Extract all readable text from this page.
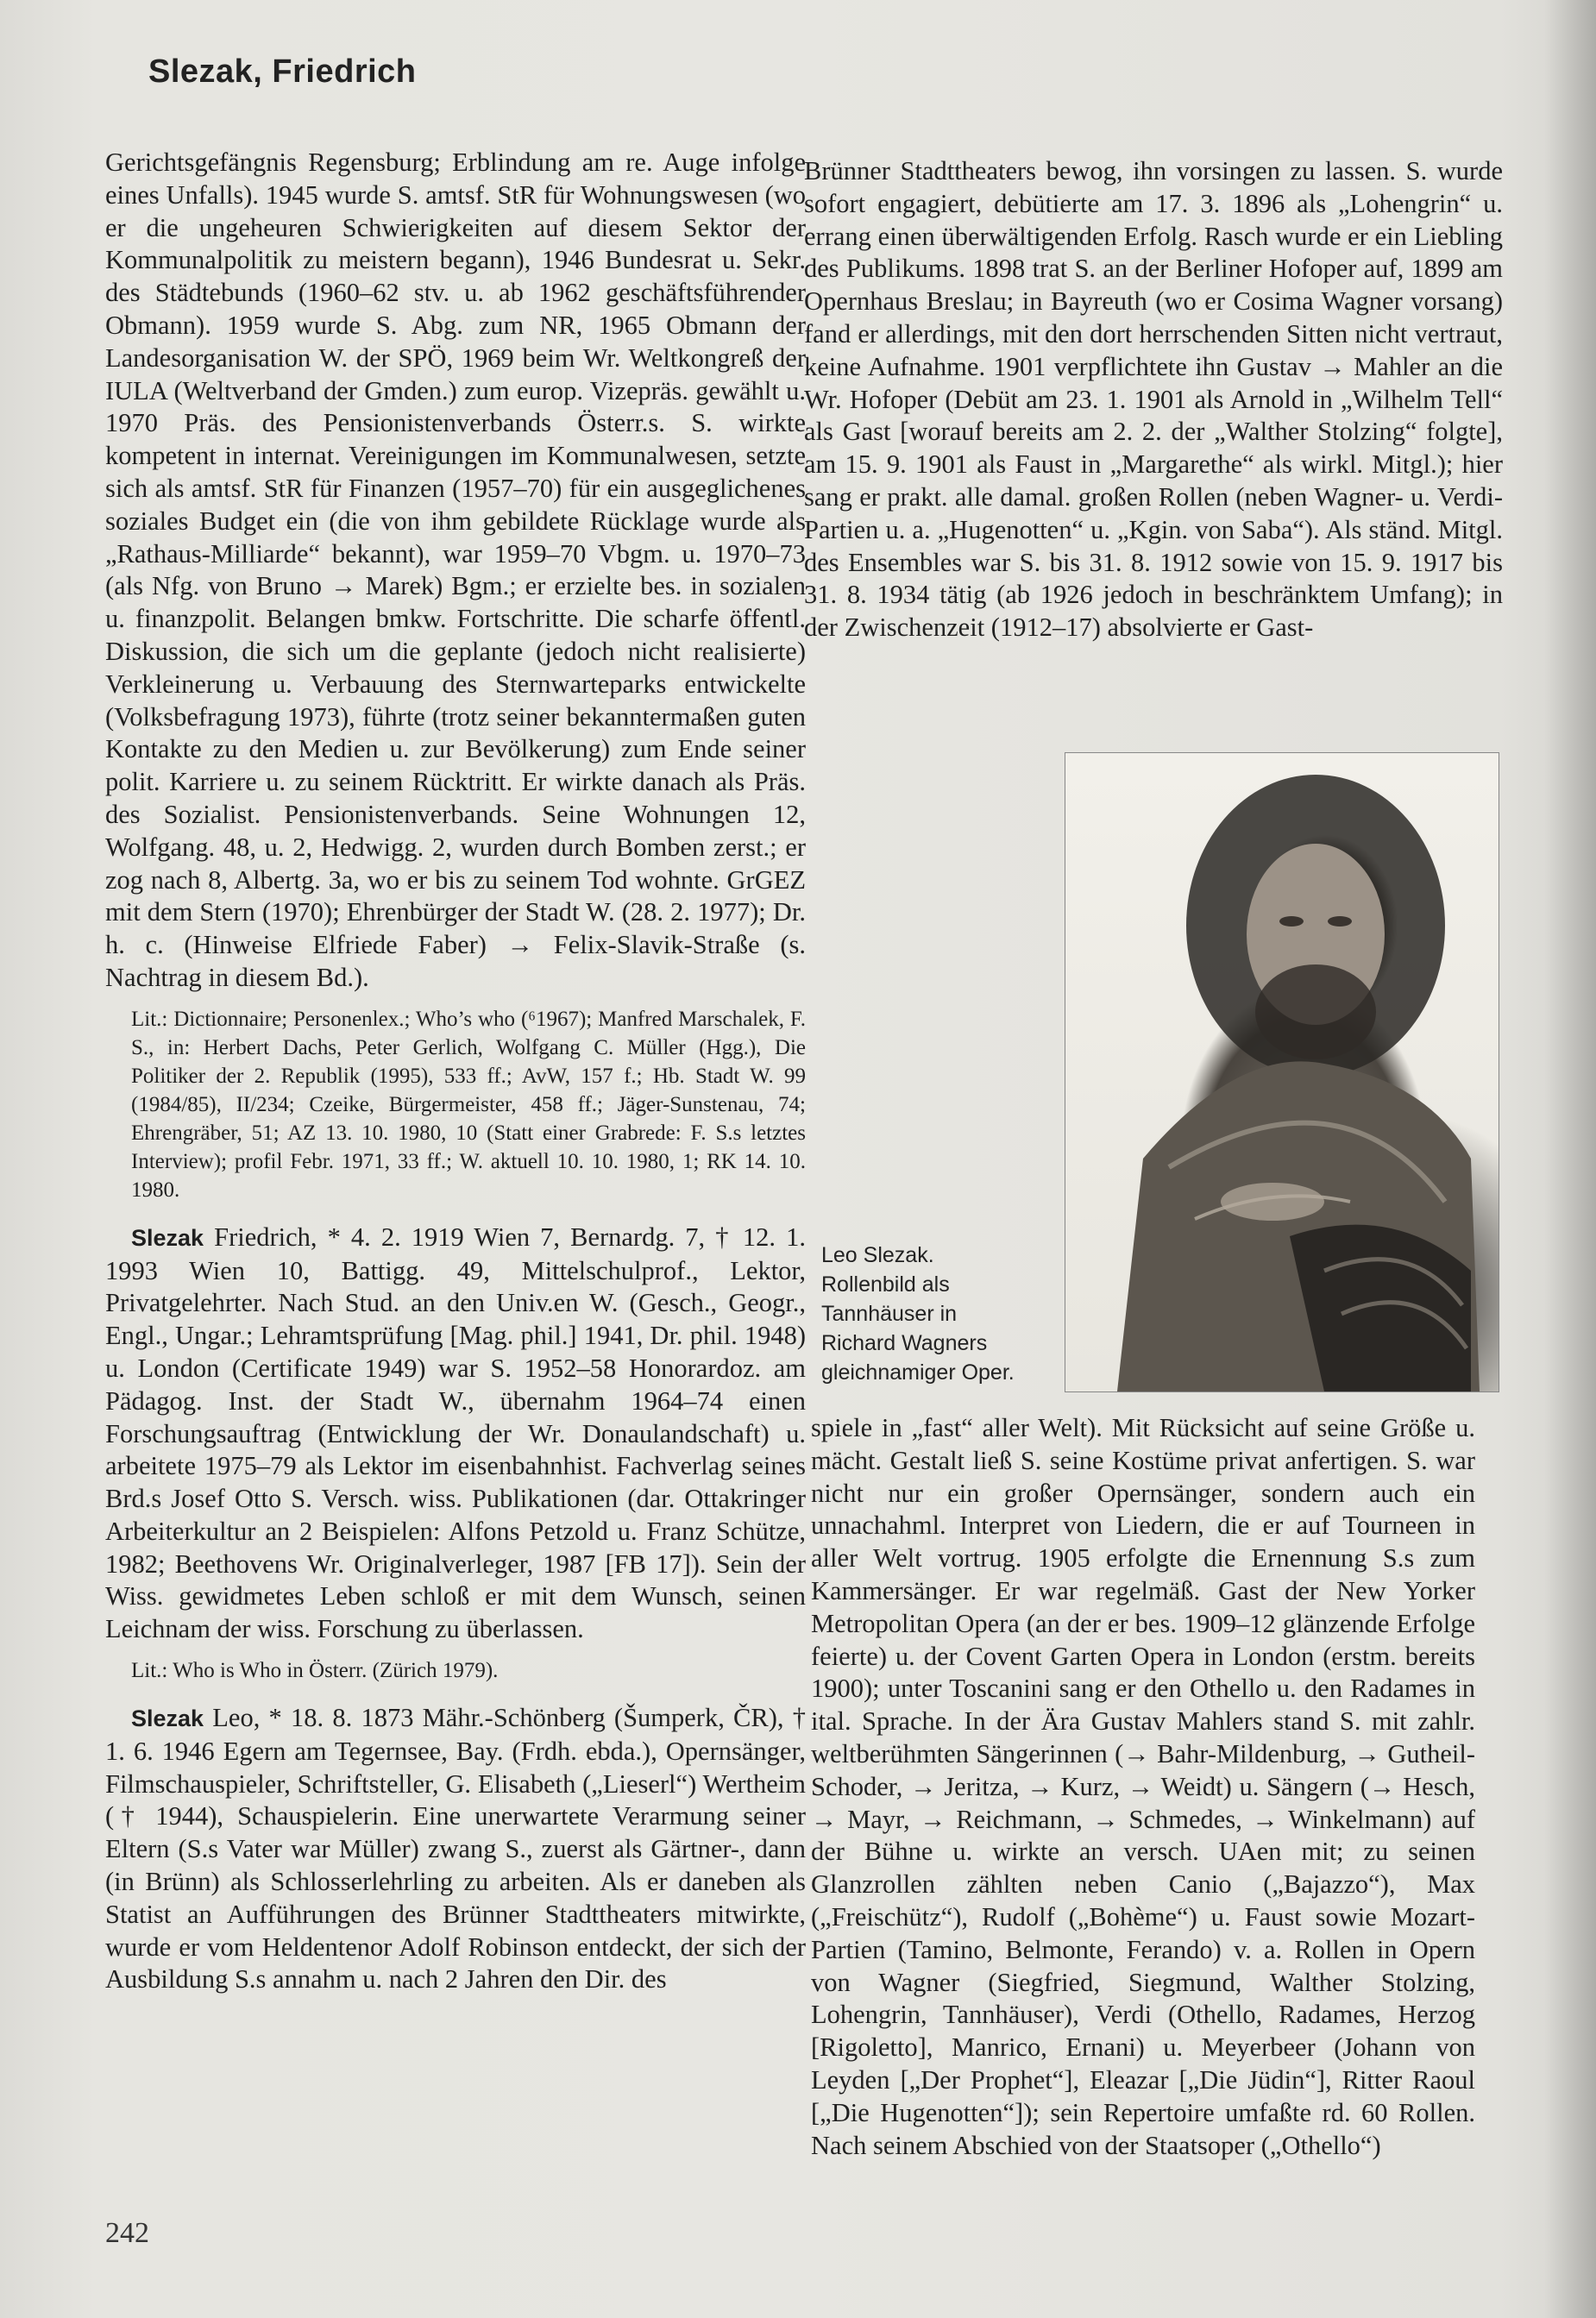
Slezak, Friedrich

Gerichtsgefängnis Regensburg; Erblindung am re. Auge infolge eines Unfalls). 1945 wurde S. amtsf. StR für Wohnungswesen (wo er die ungeheuren Schwierigkeiten auf diesem Sektor der Kommunalpolitik zu meistern begann), 1946 Bundesrat u. Sekr. des Städtebunds (1960–62 stv. u. ab 1962 geschäftsführender Obmann). 1959 wurde S. Abg. zum NR, 1965 Obmann der Landesorganisation W. der SPÖ, 1969 beim Wr. Weltkongreß der IULA (Weltverband der Gmden.) zum europ. Vizepräs. gewählt u. 1970 Präs. des Pensionistenverbands Österr.s. S. wirkte kompetent in internat. Vereinigungen im Kommunalwesen, setzte sich als amtsf. StR für Finanzen (1957–70) für ein ausgeglichenes soziales Budget ein (die von ihm gebildete Rücklage wurde als „Rathaus-Milliarde“ bekannt), war 1959–70 Vbgm. u. 1970–73 (als Nfg. von Bruno → Marek) Bgm.; er erzielte bes. in sozialen u. finanzpolit. Belangen bmkw. Fortschritte. Die scharfe öffentl. Diskussion, die sich um die geplante (jedoch nicht realisierte) Verkleinerung u. Verbauung des Sternwarteparks entwickelte (Volksbefragung 1973), führte (trotz seiner bekanntermaßen guten Kontakte zu den Medien u. zur Bevölkerung) zum Ende seiner polit. Karriere u. zu seinem Rücktritt. Er wirkte danach als Präs. des Sozialist. Pensionistenverbands. Seine Wohnungen 12, Wolfgang. 48, u. 2, Hedwigg. 2, wurden durch Bomben zerst.; er zog nach 8, Albertg. 3a, wo er bis zu seinem Tod wohnte. GrGEZ mit dem Stern (1970); Ehrenbürger der Stadt W. (28. 2. 1977); Dr. h. c. (Hinweise Elfriede Faber) → Felix-Slavik-Straße (s. Nachtrag in diesem Bd.).

Lit.: Dictionnaire; Personenlex.; Who’s who (⁶1967); Manfred Marschalek, F. S., in: Herbert Dachs, Peter Gerlich, Wolfgang C. Müller (Hgg.), Die Politiker der 2. Republik (1995), 533 ff.; AvW, 157 f.; Hb. Stadt W. 99 (1984/85), II/234; Czeike, Bürgermeister, 458 ff.; Jäger-Sunstenau, 74; Ehrengräber, 51; AZ 13. 10. 1980, 10 (Statt einer Grabrede: F. S.s letztes Interview); profil Febr. 1971, 33 ff.; W. aktuell 10. 10. 1980, 1; RK 14. 10. 1980.

Slezak Friedrich, * 4. 2. 1919 Wien 7, Bernardg. 7, † 12. 1. 1993 Wien 10, Battigg. 49, Mittelschulprof., Lektor, Privatgelehrter. Nach Stud. an den Univ.en W. (Gesch., Geogr., Engl., Ungar.; Lehramtsprüfung [Mag. phil.] 1941, Dr. phil. 1948) u. London (Certificate 1949) war S. 1952–58 Honorardoz. am Pädagog. Inst. der Stadt W., übernahm 1964–74 einen Forschungsauftrag (Entwicklung der Wr. Donaulandschaft) u. arbeitete 1975–79 als Lektor im eisenbahnhist. Fachverlag seines Brd.s Josef Otto S. Versch. wiss. Publikationen (dar. Ottakringer Arbeiterkultur an 2 Beispielen: Alfons Petzold u. Franz Schütze, 1982; Beethovens Wr. Originalverleger, 1987 [FB 17]). Sein der Wiss. gewidmetes Leben schloß er mit dem Wunsch, seinen Leichnam der wiss. Forschung zu überlassen.

Lit.: Who is Who in Österr. (Zürich 1979).

Slezak Leo, * 18. 8. 1873 Mähr.-Schönberg (Šumperk, ČR), † 1. 6. 1946 Egern am Tegernsee, Bay. (Frdh. ebda.), Opernsänger, Filmschauspieler, Schriftsteller, G. Elisabeth („Lieserl“) Wertheim († 1944), Schauspielerin. Eine unerwartete Verarmung seiner Eltern (S.s Vater war Müller) zwang S., zuerst als Gärtner-, dann (in Brünn) als Schlosserlehrling zu arbeiten. Als er daneben als Statist an Aufführungen des Brünner Stadttheaters mitwirkte, wurde er vom Heldentenor Adolf Robinson entdeckt, der sich der Ausbildung S.s annahm u. nach 2 Jahren den Dir. des

Brünner Stadttheaters bewog, ihn vorsingen zu lassen. S. wurde sofort engagiert, debütierte am 17. 3. 1896 als „Lohengrin“ u. errang einen überwältigenden Erfolg. Rasch wurde er ein Liebling des Publikums. 1898 trat S. an der Berliner Hofoper auf, 1899 am Opernhaus Breslau; in Bayreuth (wo er Cosima Wagner vorsang) fand er allerdings, mit den dort herrschenden Sitten nicht vertraut, keine Aufnahme. 1901 verpflichtete ihn Gustav → Mahler an die Wr. Hofoper (Debüt am 23. 1. 1901 als Arnold in „Wilhelm Tell“ als Gast [worauf bereits am 2. 2. der „Walther Stolzing“ folgte], am 15. 9. 1901 als Faust in „Margarethe“ als wirkl. Mitgl.); hier sang er prakt. alle damal. großen Rollen (neben Wagner- u. Verdi-Partien u. a. „Hugenotten“ u. „Kgin. von Saba“). Als ständ. Mitgl. des Ensembles war S. bis 31. 8. 1912 sowie von 15. 9. 1917 bis 31. 8. 1934 tätig (ab 1926 jedoch in beschränktem Umfang); in der Zwischenzeit (1912–17) absolvierte er Gast-

Leo Slezak.
Rollenbild als
Tannhäuser in
Richard Wagners
gleichnamiger Oper.

spiele in „fast“ aller Welt). Mit Rücksicht auf seine Größe u. mächt. Gestalt ließ S. seine Kostüme privat anfertigen. S. war nicht nur ein großer Opernsänger, sondern auch ein unnachahml. Interpret von Liedern, die er auf Tourneen in aller Welt vortrug. 1905 erfolgte die Ernennung S.s zum Kammersänger. Er war regelmäß. Gast der New Yorker Metropolitan Opera (an der er bes. 1909–12 glänzende Erfolge feierte) u. der Covent Garten Opera in London (erstm. bereits 1900); unter Toscanini sang er den Othello u. den Radames in ital. Sprache. In der Ära Gustav Mahlers stand S. mit zahlr. weltberühmten Sängerinnen (→ Bahr-Mildenburg, → Gutheil-Schoder, → Jeritza, → Kurz, → Weidt) u. Sängern (→ Hesch, → Mayr, → Reichmann, → Schmedes, → Winkelmann) auf der Bühne u. wirkte an versch. UAen mit; zu seinen Glanzrollen zählten neben Canio („Bajazzo“), Max („Freischütz“), Rudolf („Bohème“) u. Faust sowie Mozart-Partien (Tamino, Belmonte, Ferando) v. a. Rollen in Opern von Wagner (Siegfried, Siegmund, Walther Stolzing, Lohengrin, Tannhäuser), Verdi (Othello, Radames, Herzog [Rigoletto], Manrico, Ernani) u. Meyerbeer (Johann von Leyden [„Der Prophet“], Eleazar [„Die Jüdin“], Ritter Raoul [„Die Hugenotten“]); sein Repertoire umfaßte rd. 60 Rollen. Nach seinem Abschied von der Staatsoper („Othello“)

242
